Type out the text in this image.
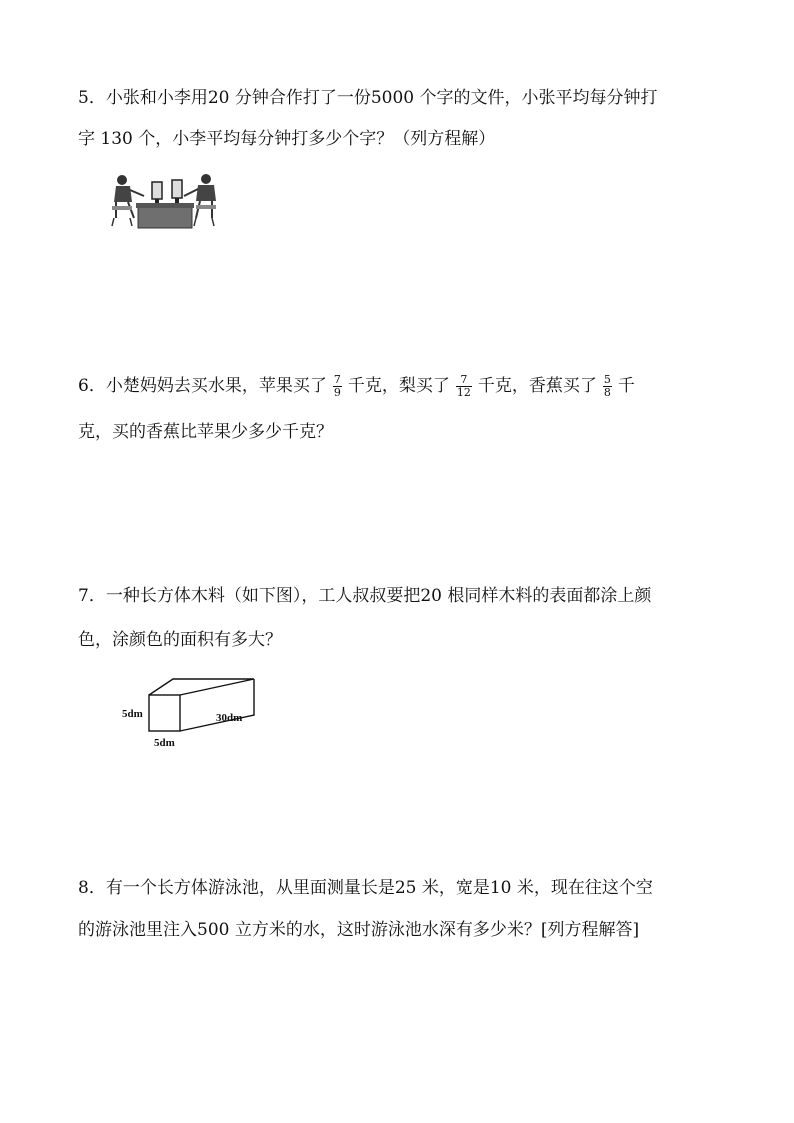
5．小张和小李用20 分钟合作打了一份5000 个字的文件，小张平均每分钟打
字 130 个，小李平均每分钟打多少个字？（列方程解）
6．小楚妈妈去买水果，苹果买了 $\frac{7}{9}$ 千克，梨买了 $\frac{7}{12}$ 千克，香蕉买了 $\frac{5}{8}$ 千
克，买的香蕉比苹果少多少千克？
7．一种长方体木料（如下图），工人叔叔要把20 根同样木料的表面都涂上颜
色，涂颜色的面积有多大？
5dm
5dm
30dm
8．有一个长方体游泳池，从里面测量长是25 米，宽是10 米，现在往这个空
的游泳池里注入500 立方米的水，这时游泳池水深有多少米？[列方程解答]
